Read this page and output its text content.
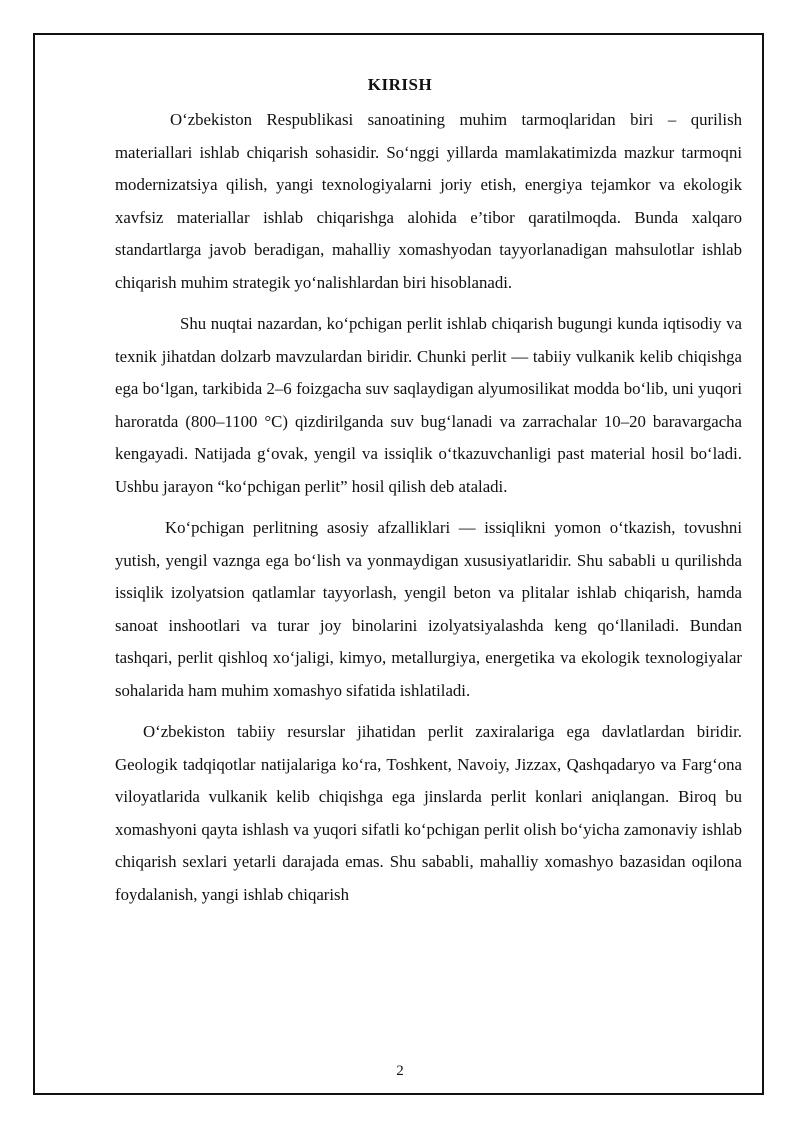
KIRISH

O‘zbekiston Respublikasi sanoatining muhim tarmoqlaridan biri – qurilish materiallari ishlab chiqarish sohasidir. So‘nggi yillarda mamlakatimizda mazkur tarmoqni modernizatsiya qilish, yangi texnologiyalarni joriy etish, energiya tejamkor va ekologik xavfsiz materiallar ishlab chiqarishga alohida e’tibor qaratilmoqda. Bunda xalqaro standartlarga javob beradigan, mahalliy xomashyodan tayyorlanadigan mahsulotlar ishlab chiqarish muhim strategik yo‘nalishlardan biri hisoblanadi.

Shu nuqtai nazardan, ko‘pchigan perlit ishlab chiqarish bugungi kunda iqtisodiy va texnik jihatdan dolzarb mavzulardan biridir. Chunki perlit — tabiiy vulkanik kelib chiqishga ega bo‘lgan, tarkibida 2–6 foizgacha suv saqlaydigan alyumosilikat modda bo‘lib, uni yuqori haroratda (800–1100 °C) qizdirilganda suv bug‘lanadi va zarrachalar 10–20 baravargacha kengayadi. Natijada g‘ovak, yengil va issiqlik o‘tkazuvchanligi past material hosil bo‘ladi. Ushbu jarayon “ko‘pchigan perlit” hosil qilish deb ataladi.

Ko‘pchigan perlitning asosiy afzalliklari — issiqlikni yomon o‘tkazish, tovushni yutish, yengil vaznga ega bo‘lish va yonmaydigan xususiyatlaridir. Shu sababli u qurilishda issiqlik izolyatsion qatlamlar tayyorlash, yengil beton va plitalar ishlab chiqarish, hamda sanoat inshootlari va turar joy binolarini izolyatsiyalashda keng qo‘llaniladi. Bundan tashqari, perlit qishloq xo‘jaligi, kimyo, metallurgiya, energetika va ekologik texnologiyalar sohalarida ham muhim xomashyo sifatida ishlatiladi.

O‘zbekiston tabiiy resurslar jihatidan perlit zaxiralariga ega davlatlardan biridir. Geologik tadqiqotlar natijalariga ko‘ra, Toshkent, Navoiy, Jizzax, Qashqadaryo va Farg‘ona viloyatlarida vulkanik kelib chiqishga ega jinslarda perlit konlari aniqlangan. Biroq bu xomashyoni qayta ishlash va yuqori sifatli ko‘pchigan perlit olish bo‘yicha zamonaviy ishlab chiqarish sexlari yetarli darajada emas. Shu sababli, mahalliy xomashyo bazasidan oqilona foydalanish, yangi ishlab chiqarish

2
